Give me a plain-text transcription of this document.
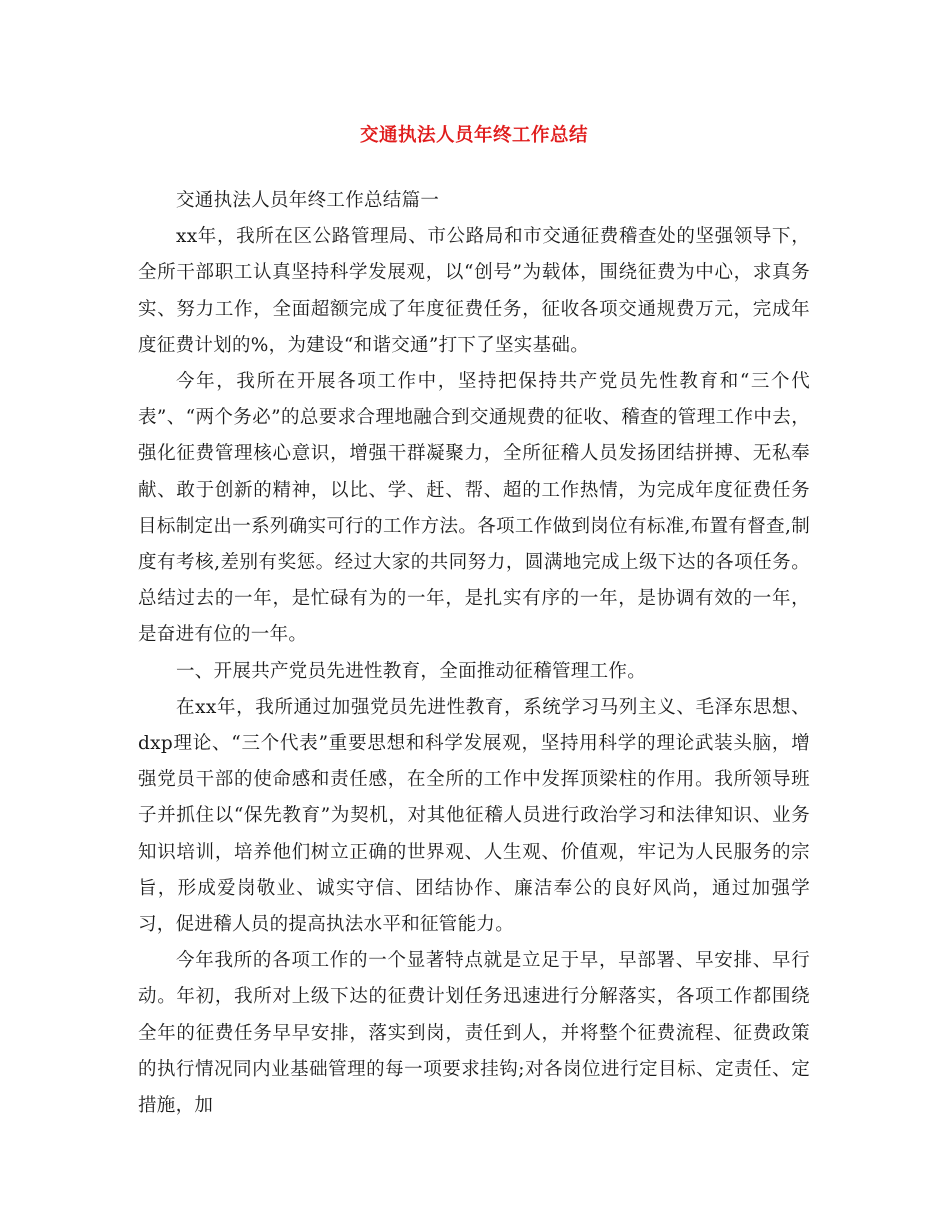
交通执法人员年终工作总结

交通执法人员年终工作总结篇一

xx年，我所在区公路管理局、市公路局和市交通征费稽查处的坚强领导下，全所干部职工认真坚持科学发展观，以“创号”为载体，围绕征费为中心，求真务实、努力工作，全面超额完成了年度征费任务，征收各项交通规费万元，完成年度征费计划的%，为建设“和谐交通”打下了坚实基础。

今年，我所在开展各项工作中，坚持把保持共产党员先性教育和“三个代表”、“两个务必”的总要求合理地融合到交通规费的征收、稽查的管理工作中去，强化征费管理核心意识，增强干群凝聚力，全所征稽人员发扬团结拼搏、无私奉献、敢于创新的精神，以比、学、赶、帮、超的工作热情，为完成年度征费任务目标制定出一系列确实可行的工作方法。各项工作做到岗位有标准,布置有督查,制度有考核,差别有奖惩。经过大家的共同努力，圆满地完成上级下达的各项任务。总结过去的一年，是忙碌有为的一年，是扎实有序的一年，是协调有效的一年，是奋进有位的一年。

一、开展共产党员先进性教育，全面推动征稽管理工作。

在xx年，我所通过加强党员先进性教育，系统学习马列主义、毛泽东思想、dxp理论、“三个代表”重要思想和科学发展观，坚持用科学的理论武装头脑，增强党员干部的使命感和责任感，在全所的工作中发挥顶梁柱的作用。我所领导班子并抓住以“保先教育”为契机，对其他征稽人员进行政治学习和法律知识、业务知识培训，培养他们树立正确的世界观、人生观、价值观，牢记为人民服务的宗旨，形成爱岗敬业、诚实守信、团结协作、廉洁奉公的良好风尚，通过加强学习，促进稽人员的提高执法水平和征管能力。

今年我所的各项工作的一个显著特点就是立足于早，早部署、早安排、早行动。年初，我所对上级下达的征费计划任务迅速进行分解落实，各项工作都围绕全年的征费任务早早安排，落实到岗，责任到人，并将整个征费流程、征费政策的执行情况同内业基础管理的每一项要求挂钩;对各岗位进行定目标、定责任、定措施，加
